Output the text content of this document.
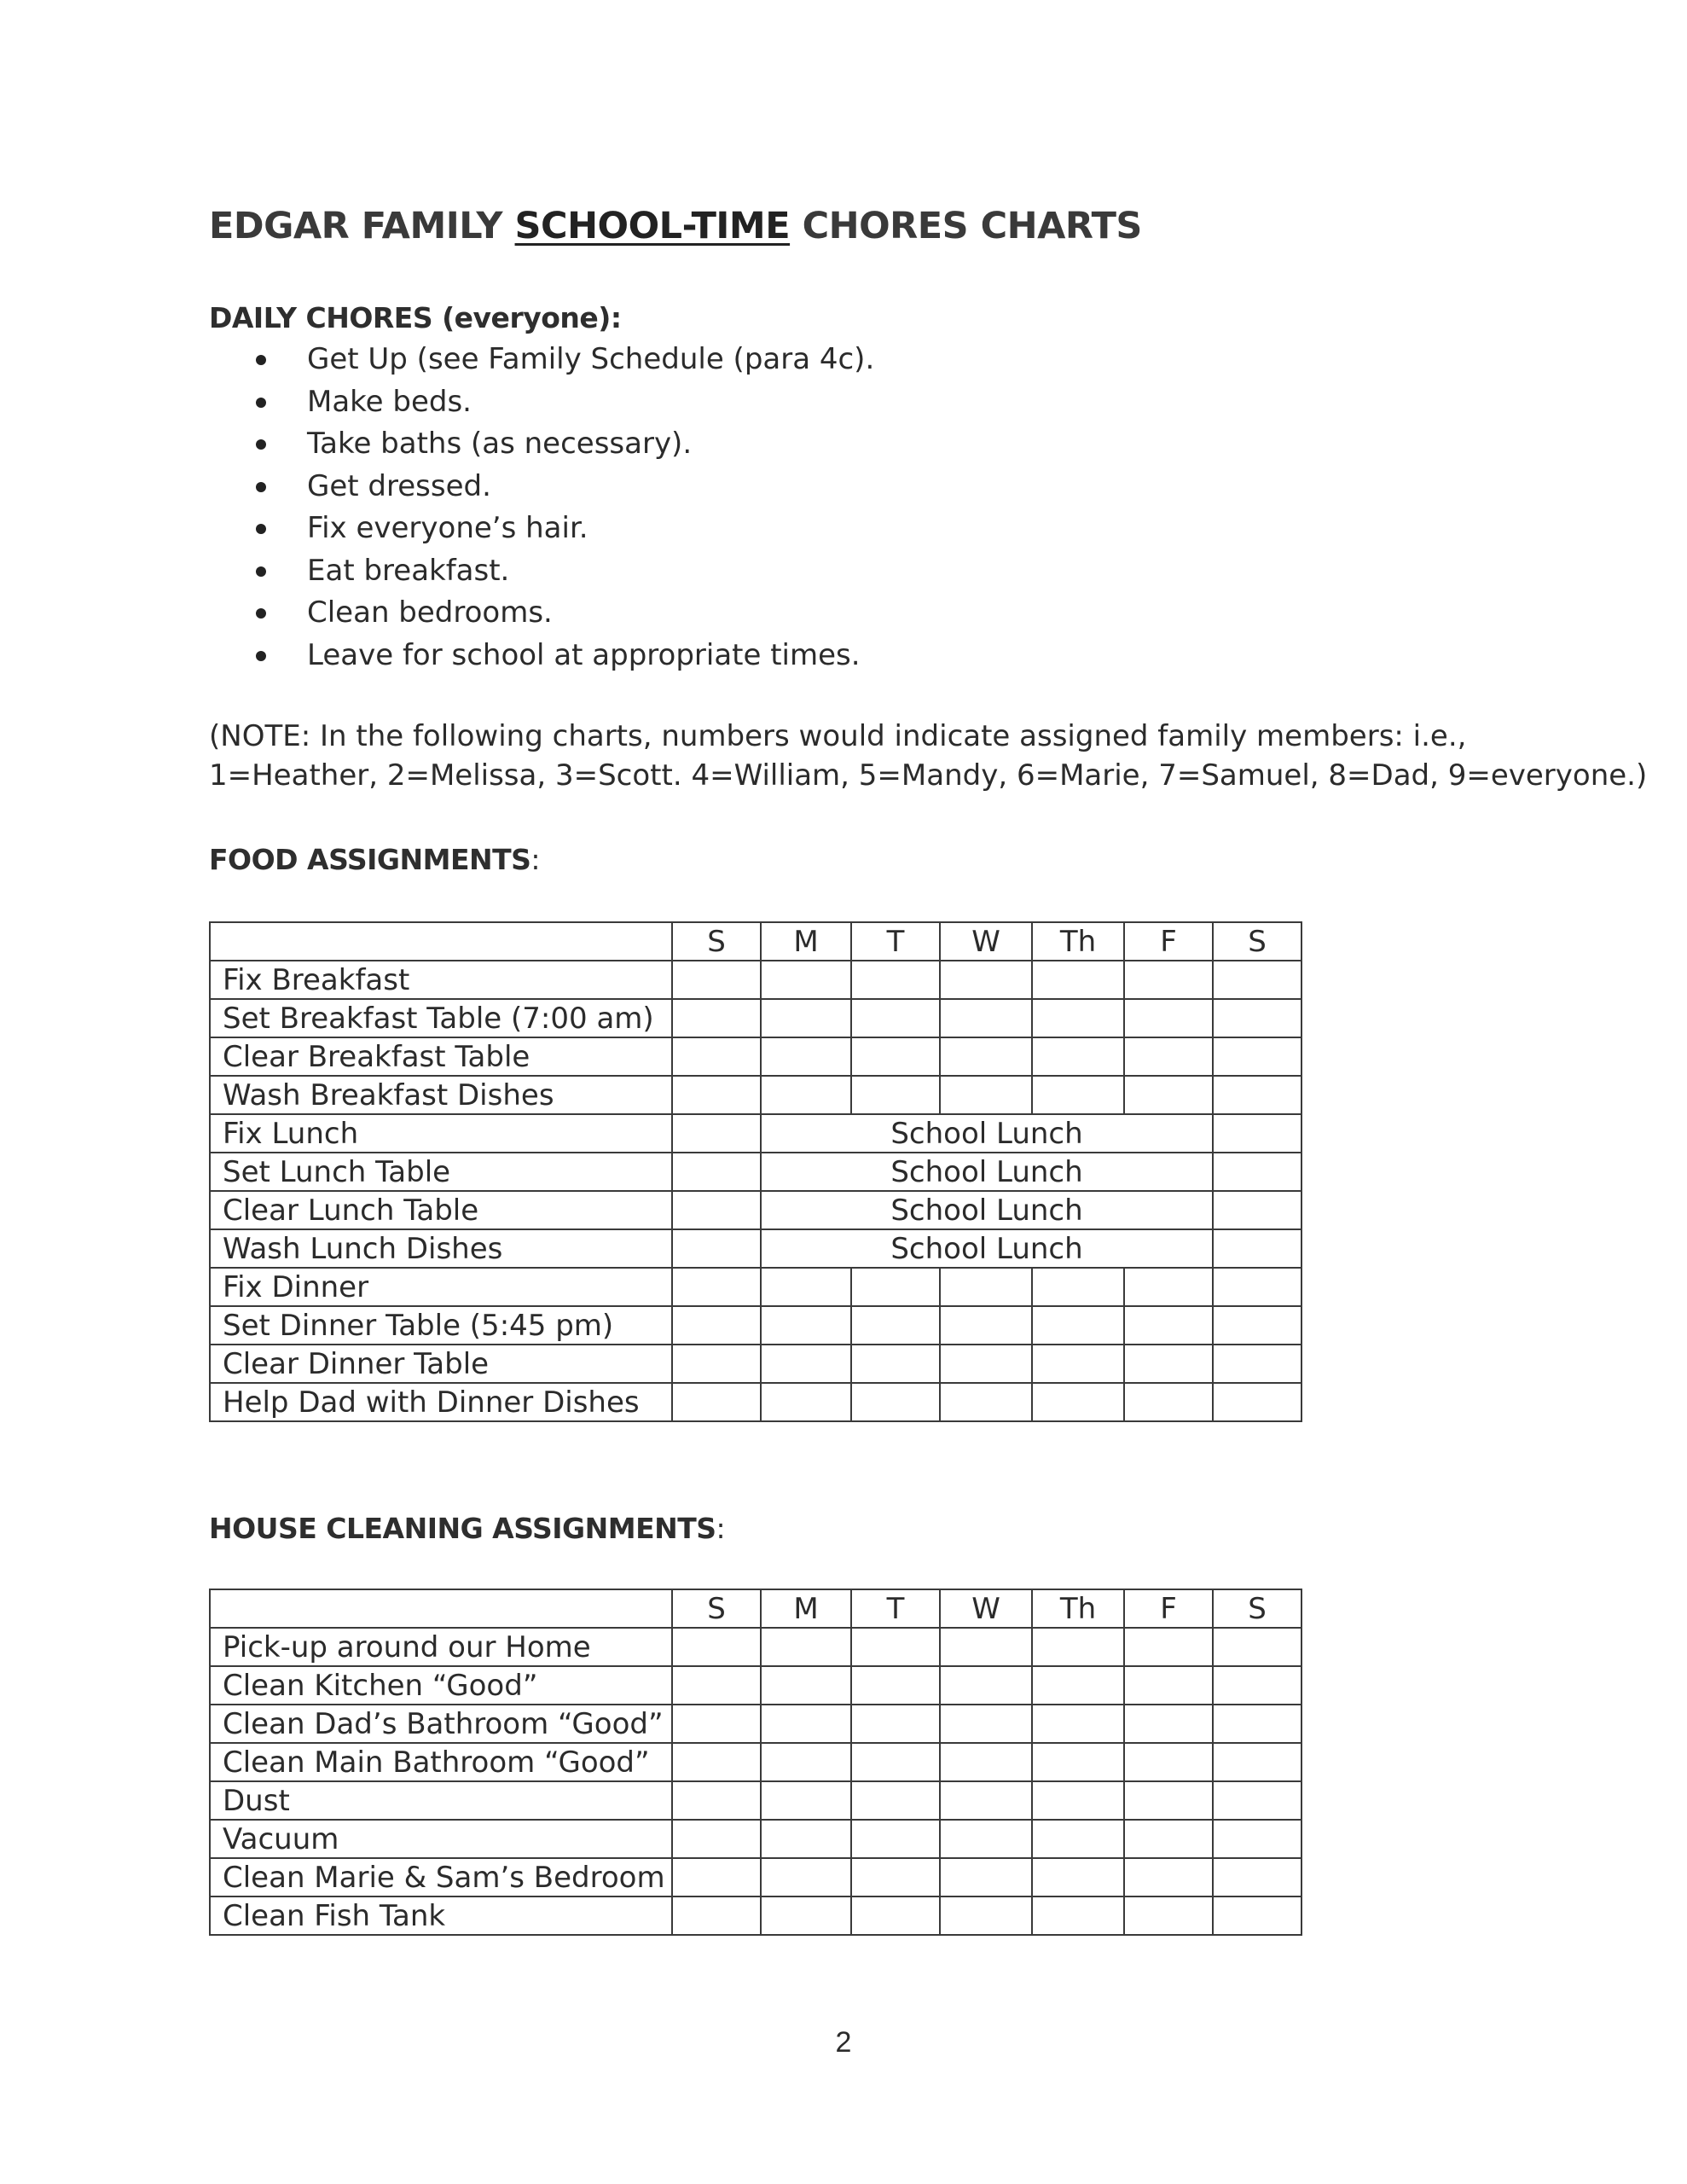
EDGAR FAMILY SCHOOL-TIME CHORES CHARTS
DAILY CHORES (everyone):
Get Up (see Family Schedule (para 4c).
Make beds.
Take baths (as necessary).
Get dressed.
Fix everyone’s hair.
Eat breakfast.
Clean bedrooms.
Leave for school at appropriate times.
(NOTE: In the following charts, numbers would indicate assigned family members: i.e.,
1=Heather, 2=Melissa, 3=Scott. 4=William, 5=Mandy, 6=Marie, 7=Samuel, 8=Dad, 9=everyone.)
FOOD ASSIGNMENTS:
	S	M	T	W	Th	F	S
Fix Breakfast							
Set Breakfast Table (7:00 am)							
Clear Breakfast Table							
Wash Breakfast Dishes							
Fix Lunch		School Lunch					
Set Lunch Table		School Lunch					
Clear Lunch Table		School Lunch					
Wash Lunch Dishes		School Lunch					
Fix Dinner							
Set Dinner Table (5:45 pm)							
Clear Dinner Table							
Help Dad with Dinner Dishes							
HOUSE CLEANING ASSIGNMENTS:
	S	M	T	W	Th	F	S
Pick-up around our Home							
Clean Kitchen “Good”							
Clean Dad’s Bathroom “Good”							
Clean Main Bathroom “Good”							
Dust							
Vacuum							
Clean Marie & Sam’s Bedroom							
Clean Fish Tank							
2
